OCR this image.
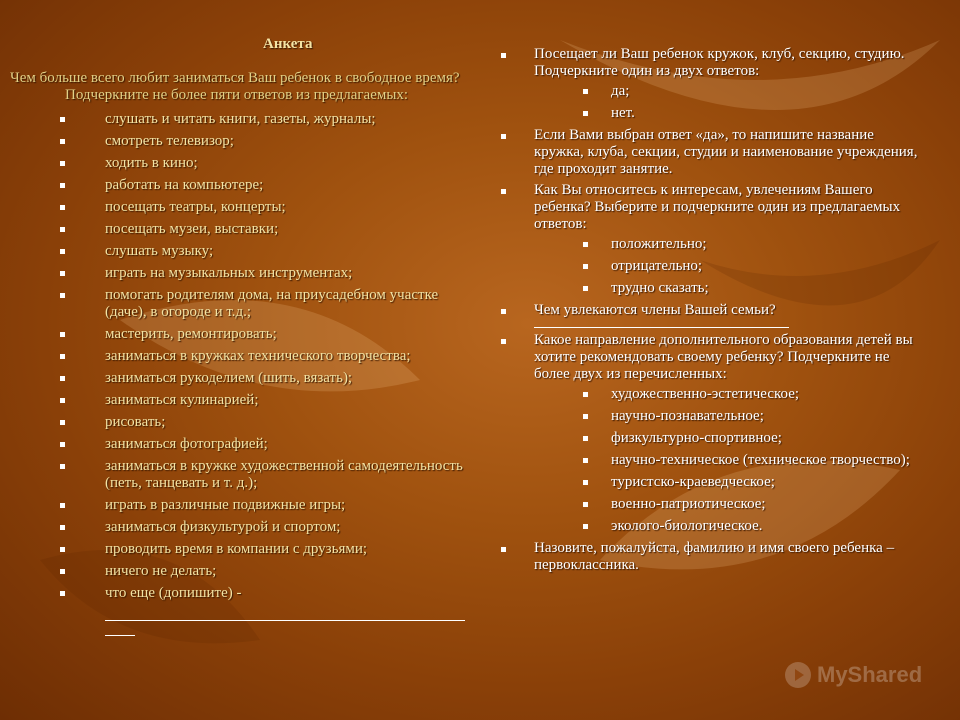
Анкета
Чем больше всего любит заниматься Ваш ребенок в свободное время? Подчеркните не более пяти ответов из предлагаемых:
слушать и читать книги, газеты, журналы;
смотреть телевизор;
ходить в кино;
работать на компьютере;
посещать театры, концерты;
посещать музеи, выставки;
слушать музыку;
играть на музыкальных инструментах;
помогать родителям дома, на приусадебном участке (даче), в огороде и т.д.;
мастерить, ремонтировать;
заниматься в кружках технического творчества;
заниматься рукоделием (шить, вязать);
заниматься кулинарией;
рисовать;
заниматься фотографией;
заниматься в кружке художественной самодеятельность (петь, танцевать и т. д.);
играть в различные подвижные игры;
заниматься физкультурой и спортом;
проводить время в компании с друзьями;
ничего не делать;
что еще (допишите) -
Посещает ли Ваш ребенок кружок, клуб, секцию, студию. Подчеркните один из двух ответов:
да;
нет.
Если Вами выбран ответ «да», то напишите название кружка, клуба, секции, студии и наименование учреждения, где проходит занятие.
Как Вы относитесь к интересам, увлечениям Вашего ребенка? Выберите и подчеркните один из предлагаемых ответов:
положительно;
отрицательно;
трудно сказать;
Чем увлекаются члены Вашей семьи?
Какое направление дополнительного образования детей вы хотите рекомендовать своему ребенку? Подчеркните не более двух из перечисленных:
художественно-эстетическое;
научно-познавательное;
физкультурно-спортивное;
научно-техническое (техническое творчество);
туристско-краеведческое;
военно-патриотическое;
эколого-биологическое.
Назовите, пожалуйста, фамилию и имя своего ребенка – первоклассника.
MyShared
